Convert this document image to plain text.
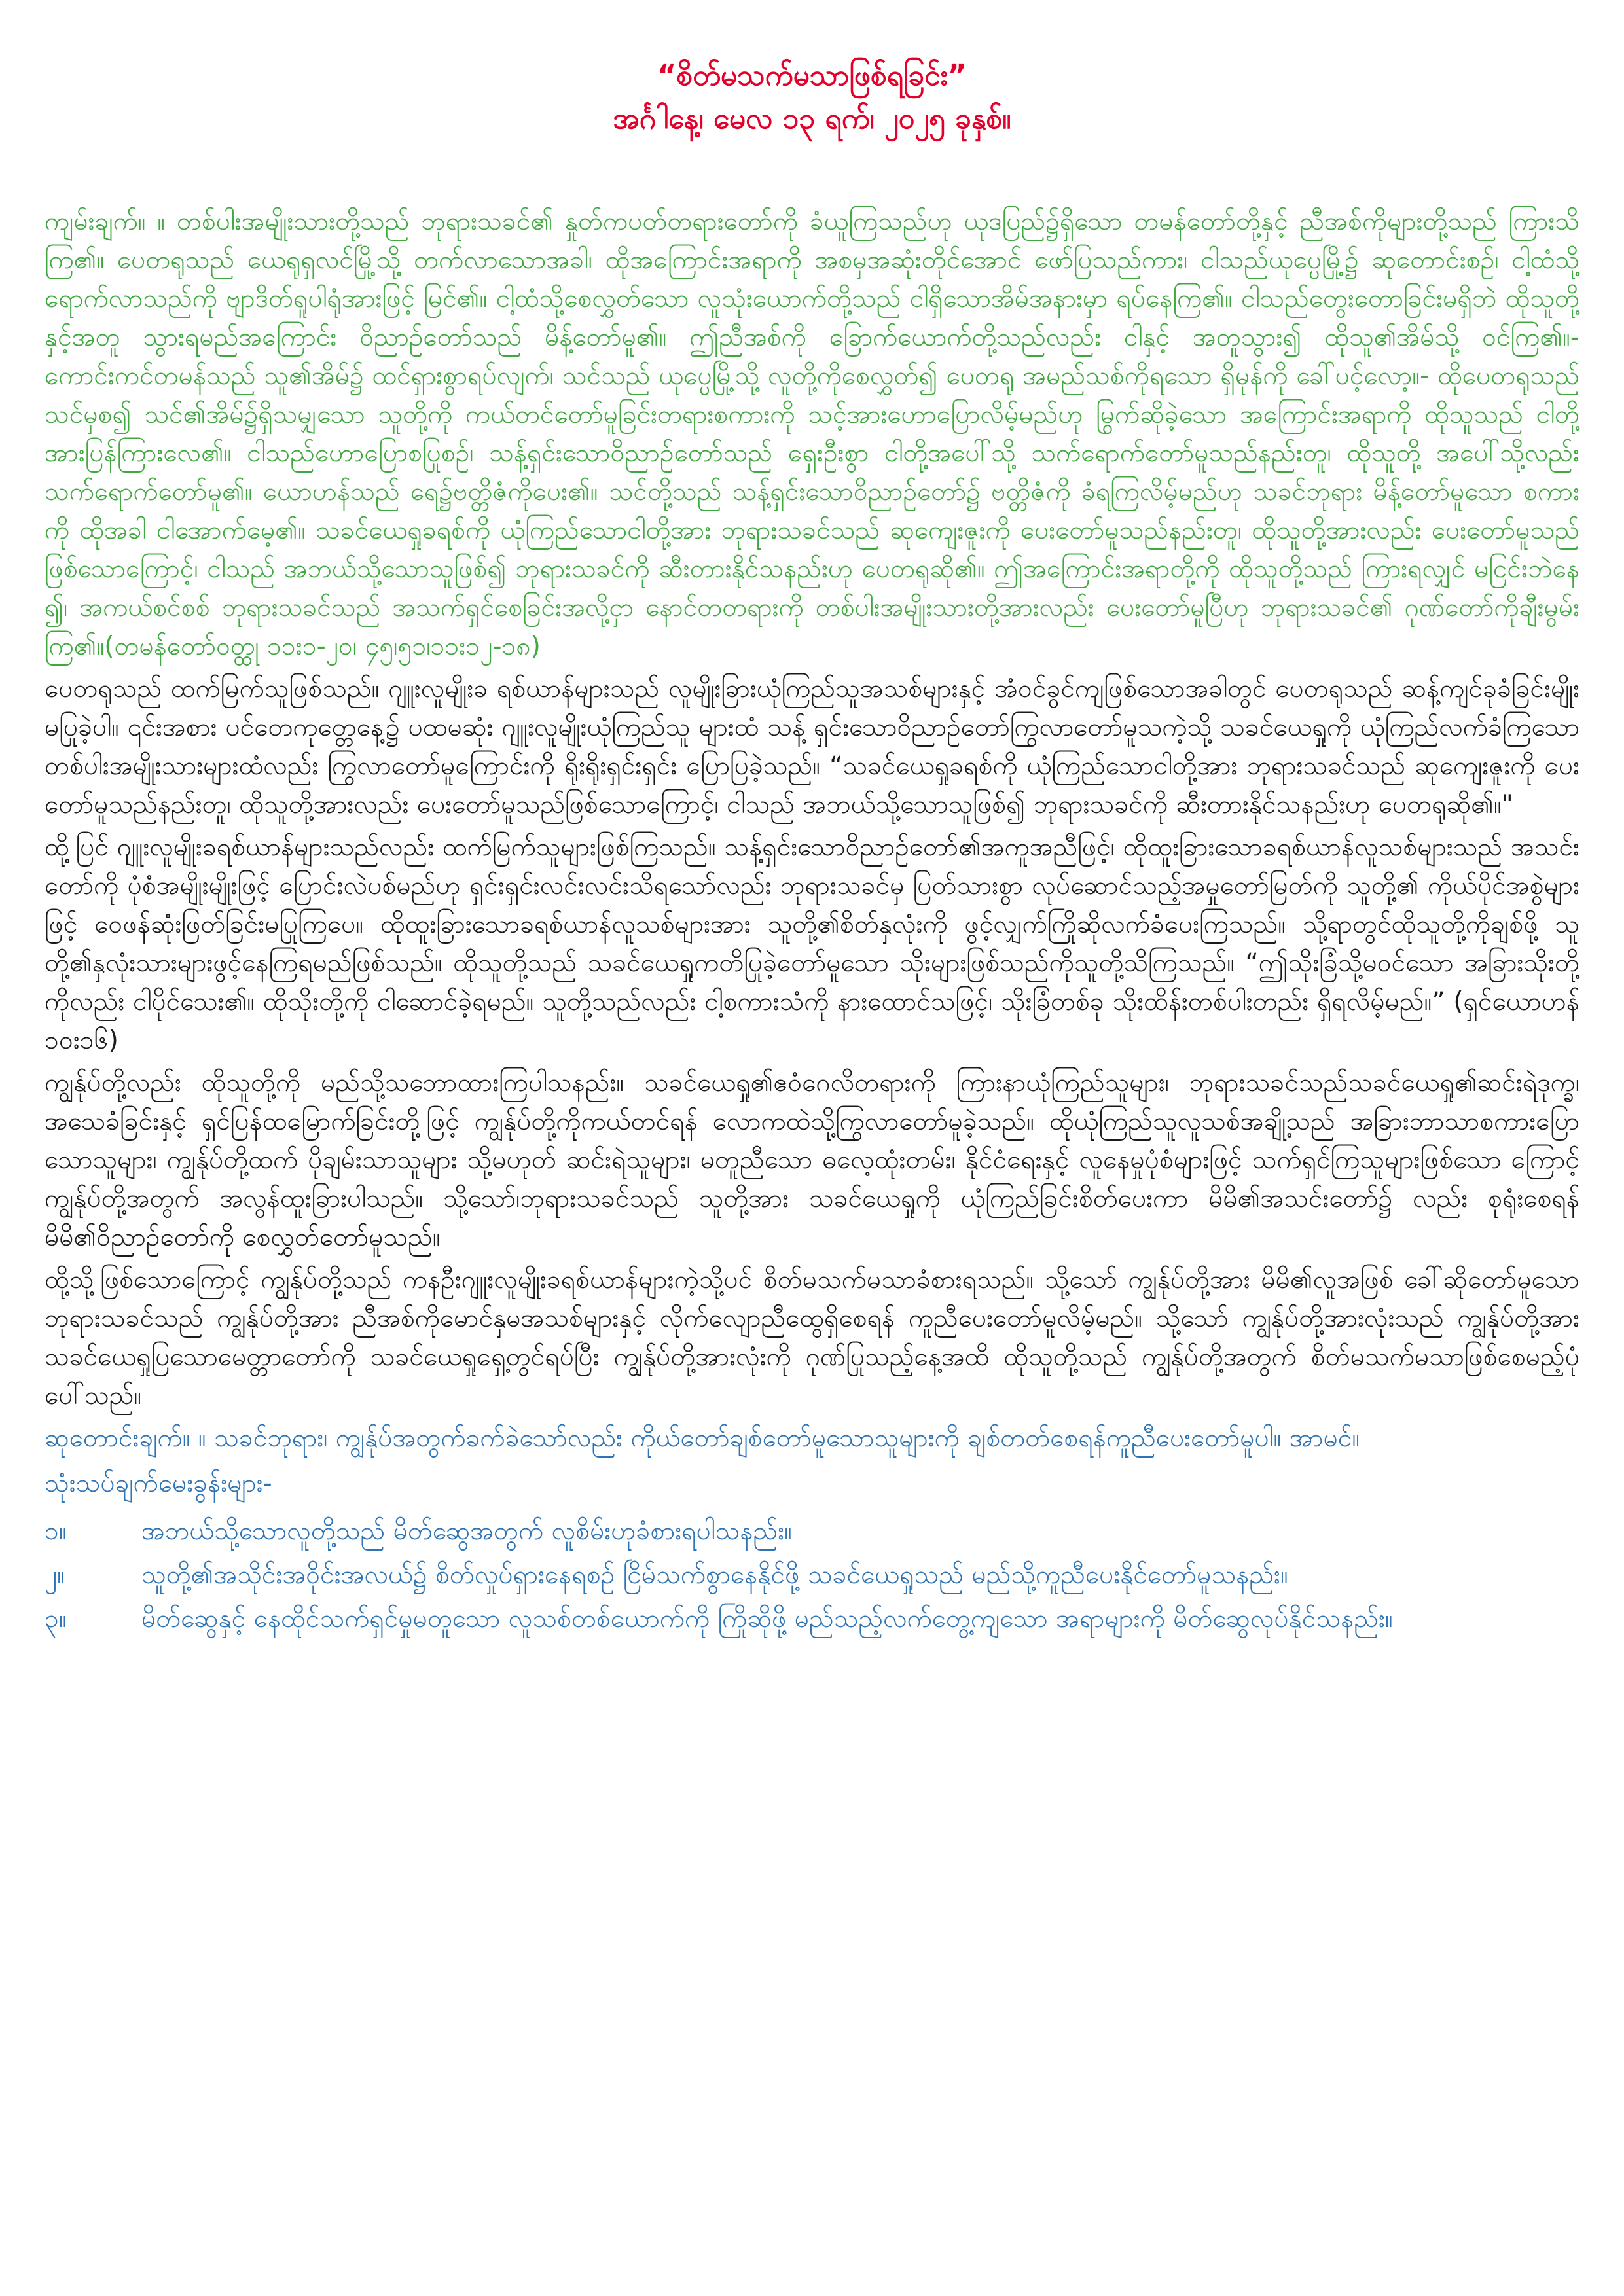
“စိတ်မသက်မသာဖြစ်ရခြင်း”

အင်္ဂါနေ့၊ မေလ ၁၃ ရက်၊ ၂၀၂၅ ခုနှစ်။

ကျမ်းချက်။ ။ တစ်ပါးအမျိုးသားတို့သည် ဘုရားသခင်၏ နှုတ်ကပတ်တရားတော်ကို ခံယူကြသည်ဟု ယုဒပြည်၌ရှိသော တမန်တော်တို့နှင့် ညီအစ်ကိုများတို့သည် ကြားသိကြ၏။ ပေတရုသည် ယေရုရှလင်မြို့သို့ တက်လာသောအခါ၊ ထိုအကြောင်းအရာကို အစမှအဆုံးတိုင်အောင် ဖော်ပြသည်ကား၊ ငါသည်ယုပ္ပေမြို့၌ ဆုတောင်းစဉ်၊ ငါ့ထံသို့ ရောက်လာသည်ကို ဗျာဒိတ်ရူပါရုံအားဖြင့် မြင်၏။ ငါ့ထံသို့စေလွှတ်သော လူသုံးယောက်တို့သည် ငါရှိသောအိမ်အနားမှာ ရပ်နေကြ၏။ ငါသည်တွေးတောခြင်းမရှိဘဲ ထိုသူတို့နှင့်အတူ သွားရမည်အကြောင်း ဝိညာဉ်တော်သည် မိန့်တော်မူ၏။ ဤညီအစ်ကို ခြောက်ယောက်တို့သည်လည်း ငါနှင့် အတူသွား၍ ထိုသူ၏အိမ်သို့ ဝင်ကြ၏။- ကောင်းကင်တမန်သည် သူ၏အိမ်၌ ထင်ရှားစွာရပ်လျက်၊ သင်သည် ယုပ္ပေမြို့သို့ လူတို့ကိုစေလွှတ်၍ ပေတရု အမည်သစ်ကိုရသော ရှိမုန်ကို ခေါ်ပင့်လော့။- ထိုပေတရုသည် သင်မှစ၍ သင်၏အိမ်၌ရှိသမျှသော သူတို့ကို ကယ်တင်တော်မူခြင်းတရားစကားကို သင့်အားဟောပြောလိမ့်မည်ဟု မြွက်ဆိုခဲ့သော အကြောင်းအရာကို ထိုသူသည် ငါတို့အားပြန်ကြားလေ၏။ ငါသည်ဟောပြောစပြုစဉ်၊ သန့်ရှင်းသောဝိညာဉ်တော်သည် ရှေးဦးစွာ ငါတို့အပေါ်သို့ သက်ရောက်တော်မူသည်နည်းတူ၊ ထိုသူတို့ အပေါ်သို့လည်း သက်ရောက်တော်မူ၏။ ယောဟန်သည် ရေ၌ဗတ္တိဇံကိုပေး၏။ သင်တို့သည် သန့်ရှင်းသောဝိညာဉ်တော်၌ ဗတ္တိဇံကို ခံရကြလိမ့်မည်ဟု သခင်ဘုရား မိန့်တော်မူသော စကားကို ထိုအခါ ငါအောက်မေ့၏။ သခင်ယေရှုခရစ်ကို ယုံကြည်သောငါတို့အား ဘုရားသခင်သည် ဆုကျေးဇူးကို ပေးတော်မူသည်နည်းတူ၊ ထိုသူတို့အားလည်း ပေးတော်မူသည်ဖြစ်သောကြောင့်၊ ငါသည် အဘယ်သို့သောသူဖြစ်၍ ဘုရားသခင်ကို ဆီးတားနိုင်သနည်းဟု ပေတရုဆို၏။ ဤအကြောင်းအရာတို့ကို ထိုသူတို့သည် ကြားရလျှင် မငြင်းဘဲနေ ၍၊ အကယ်စင်စစ် ဘုရားသခင်သည် အသက်ရှင်စေခြင်းအလို့ငှာ နောင်တတရားကို တစ်ပါးအမျိုးသားတို့အားလည်း ပေးတော်မူပြီဟု ဘုရားသခင်၏ ဂုဏ်တော်ကိုချီးမွမ်းကြ၏။(တမန်တော်ဝတ္ထု ၁၁း၁-၂၀၊ ၄၅၊၅၁၊၁၁း၁၂-၁၈)

ပေတရုသည် ထက်မြက်သူဖြစ်သည်။ ဂျူးလူမျိုးခ ရစ်ယာန်များသည် လူမျိုးခြားယုံကြည်သူအသစ်များနှင့် အံဝင်ခွင်ကျဖြစ်သောအခါတွင် ပေတရုသည် ဆန့်ကျင်ခုခံခြင်းမျိုး မပြုခဲ့ပါ။ ၎င်းအစား ပင်တေကုတ္တေနေ့၌ ပထမဆုံး ဂျူးလူမျိုးယုံကြည်သူ များထံ သန့် ရှင်းသောဝိညာဉ်တော်ကြွလာတော်မူသကဲ့သို့ သခင်ယေရှုကို ယုံကြည်လက်ခံကြသောတစ်ပါးအမျိုးသားများထံလည်း ကြွလာတော်မူကြောင်းကို ရိုးရိုးရှင်းရှင်း ပြောပြခဲ့သည်။ “သခင်ယေရှုခရစ်ကို ယုံကြည်သောငါတို့အား ဘုရားသခင်သည် ဆုကျေးဇူးကို ပေးတော်မူသည်နည်းတူ၊ ထိုသူတို့အားလည်း ပေးတော်မူသည်ဖြစ်သောကြောင့်၊ ငါသည် အဘယ်သို့သောသူဖြစ်၍ ဘုရားသခင်ကို ဆီးတားနိုင်သနည်းဟု ပေတရုဆို၏။"

ထို့ပြင် ဂျူးလူမျိုးခရစ်ယာန်များသည်လည်း ထက်မြက်သူများဖြစ်ကြသည်။ သန့်ရှင်းသောဝိညာဉ်တော်၏အကူအညီဖြင့်၊ ထိုထူးခြားသောခရစ်ယာန်လူသစ်များသည် အသင်းတော်ကို ပုံစံအမျိုးမျိုးဖြင့် ပြောင်းလဲပစ်မည်ဟု ရှင်းရှင်းလင်းလင်းသိရသော်လည်း ဘုရားသခင်မှ ပြတ်သားစွာ လုပ်ဆောင်သည့်အမှုတော်မြတ်ကို သူတို့၏ ကိုယ်ပိုင်အစွဲများဖြင့် ဝေဖန်ဆုံးဖြတ်ခြင်းမပြုကြပေ။ ထိုထူးခြားသောခရစ်ယာန်လူသစ်များအား သူတို့၏စိတ်နှလုံးကို ဖွင့်လျှက်ကြိုဆိုလက်ခံပေးကြသည်။ သို့ရာတွင်ထိုသူတို့ကိုချစ်ဖို့ သူတို့၏နှလုံးသားများဖွင့်နေကြရမည်ဖြစ်သည်။ ထိုသူတို့သည် သခင်ယေရှုကတိပြုခဲ့တော်မူသော သိုးများဖြစ်သည်ကိုသူတို့သိကြသည်။ “ဤသိုးခြံသို့မဝင်သော အခြားသိုးတို့ကိုလည်း ငါပိုင်သေး၏။ ထိုသိုးတို့ကို ငါဆောင်ခဲ့ရမည်။ သူတို့သည်လည်း ငါ့စကားသံကို နားထောင်သဖြင့်၊ သိုးခြံတစ်ခု သိုးထိန်းတစ်ပါးတည်း ရှိရလိမ့်မည်။” (ရှင်ယောဟန် ၁၀း၁၆)

ကျွန်ုပ်တို့လည်း ထိုသူတို့ကို မည်သို့သဘောထားကြပါသနည်း။ သခင်ယေရှု၏ဧဝံဂေလိတရားကို ကြားနာယုံကြည်သူများ၊ ဘုရားသခင်သည်သခင်ယေရှု၏ဆင်းရဲဒုက္ခ၊ အသေခံခြင်းနှင့် ရှင်ပြန်ထမြောက်ခြင်းတို့ဖြင့် ကျွန်ုပ်တို့ကိုကယ်တင်ရန် လောကထဲသို့ကြွလာတော်မူခဲ့သည်။ ထိုယုံကြည်သူလူသစ်အချို့သည် အခြားဘာသာစကားပြောသောသူများ၊ ကျွန်ုပ်တို့ထက် ပိုချမ်းသာသူများ သို့မဟုတ် ဆင်းရဲသူများ၊ မတူညီသော ဓလေ့ထုံးတမ်း၊ နိုင်ငံရေးနှင့် လူနေမှုပုံစံများဖြင့် သက်ရှင်ကြသူများဖြစ်သော ကြောင့် ကျွန်ုပ်တို့အတွက် အလွန်ထူးခြားပါသည်။ သို့သော်၊ဘုရားသခင်သည် သူတို့အား သခင်ယေရှုကို ယုံကြည်ခြင်းစိတ်ပေးကာ မိမိ၏အသင်းတော်၌ လည်း စုရုံးစေရန် မိမိ၏ဝိညာဉ်တော်ကို စေလွှတ်တော်မူသည်။

ထို့သို့ဖြစ်သောကြောင့် ကျွန်ုပ်တို့သည် ကနဦးဂျူးလူမျိုးခရစ်ယာန်များကဲ့သို့ပင် စိတ်မသက်မသာခံစားရသည်။ သို့သော် ကျွန်ုပ်တို့အား မိမိ၏လူအဖြစ် ခေါ်ဆိုတော်မူသော ဘုရားသခင်သည် ကျွန်ုပ်တို့အား ညီအစ်ကိုမောင်နှမအသစ်များနှင့် လိုက်လျောညီထွေရှိစေရန် ကူညီပေးတော်မူလိမ့်မည်။ သို့သော် ကျွန်ုပ်တို့အားလုံးသည် ကျွန်ုပ်တို့အား သခင်ယေရှုပြသောမေတ္တာတော်ကို သခင်ယေရှုရှေ့တွင်ရပ်ပြီး ကျွန်ုပ်တို့အားလုံးကို ဂုဏ်ပြုသည့်နေ့အထိ ထိုသူတို့သည် ကျွန်ုပ်တို့အတွက် စိတ်မသက်မသာဖြစ်စေမည့်ပုံပေါ်သည်။

ဆုတောင်းချက်။ ။ သခင်ဘုရား၊ ကျွန်ုပ်အတွက်ခက်ခဲသော်လည်း ကိုယ်တော်ချစ်တော်မူသောသူများကို ချစ်တတ်စေရန်ကူညီပေးတော်မူပါ။ အာမင်။

သုံးသပ်ချက်မေးခွန်းများ-

၁။	အဘယ်သို့သောလူတို့သည် မိတ်ဆွေအတွက် လူစိမ်းဟုခံစားရပါသနည်း။
၂။	သူတို့၏အသိုင်းအဝိုင်းအလယ်၌ စိတ်လှုပ်ရှားနေရစဉ် ငြိမ်သက်စွာနေနိုင်ဖို့ သခင်ယေရှုသည် မည်သို့ကူညီပေးနိုင်တော်မူသနည်း။
၃။	မိတ်ဆွေနှင့် နေထိုင်သက်ရှင်မှုမတူသော လူသစ်တစ်ယောက်ကို ကြိုဆိုဖို့ မည်သည့်လက်တွေ့ကျသော အရာများကို မိတ်ဆွေလုပ်နိုင်သနည်း။
